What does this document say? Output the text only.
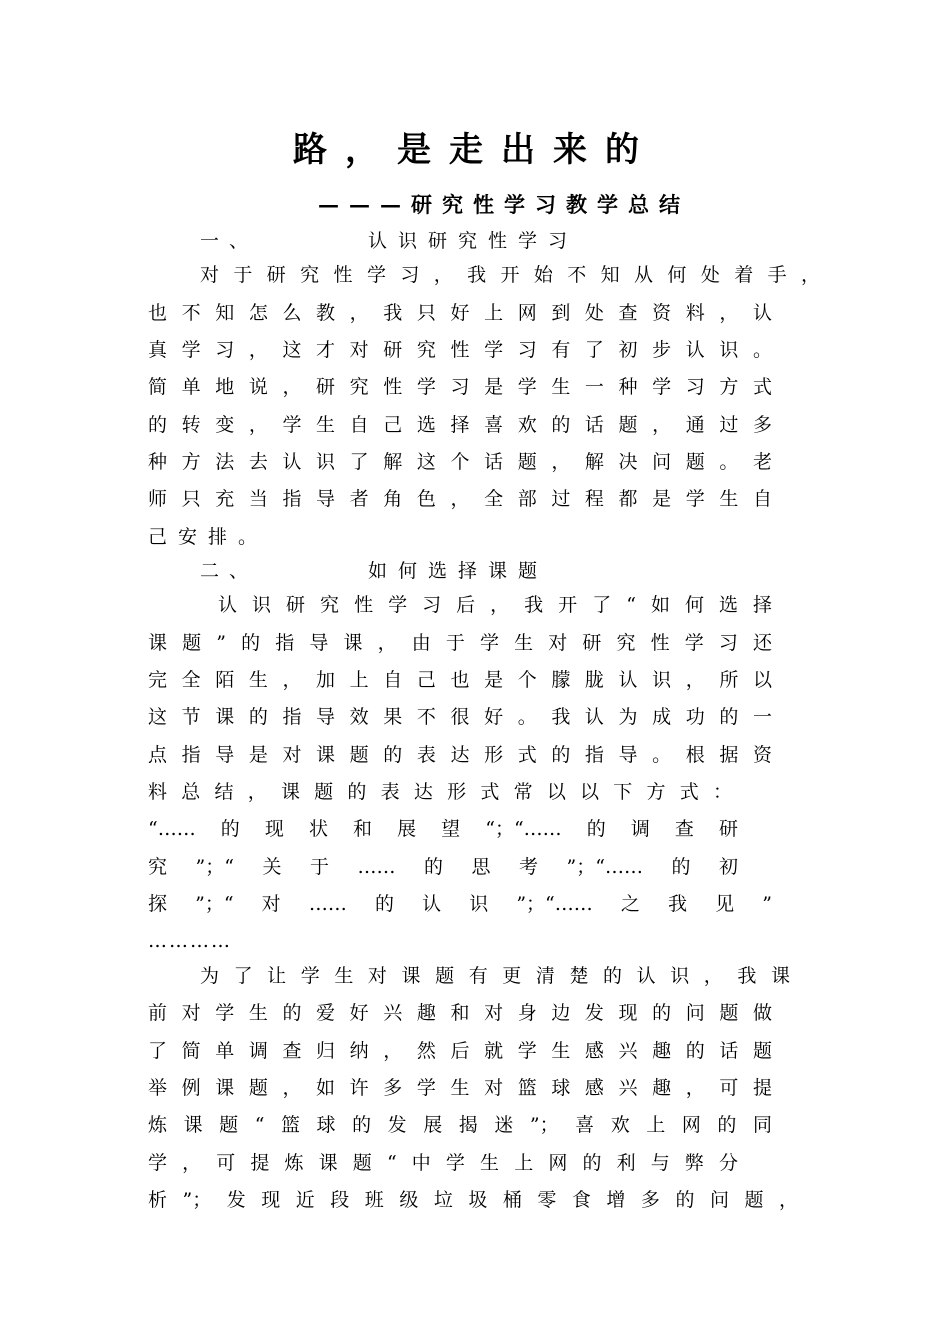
路，是走出来的
———研究性学习教学总结
一、	认识研究性学习
对于研究性学习，我开始不知从何处着手，
也不知怎么教，我只好上网到处查资料，认
真学习，这才对研究性学习有了初步认识。
简单地说，研究性学习是学生一种学习方式
的转变，学生自己选择喜欢的话题，通过多
种方法去认识了解这个话题，解决问题。老
师只充当指导者角色，全部过程都是学生自
己安排。
二、	如何选择课题
认识研究性学习后，我开了“如何选择
课题”的指导课，由于学生对研究性学习还
完全陌生，加上自己也是个朦胧认识，所以
这节课的指导效果不很好。我认为成功的一
点指导是对课题的表达形式的指导。根据资
料总结，课题的表达形式常以以下方式：
“……的现状和展望“；“……的调查研
究”；“关于……的思考”；“……的初
探”；“对……的认识”；“……之我见”
…………
为了让学生对课题有更清楚的认识，我课
前对学生的爱好兴趣和对身边发现的问题做
了简单调查归纳，然后就学生感兴趣的话题
举例课题，如许多学生对篮球感兴趣，可提
炼课题“篮球的发展揭迷”；喜欢上网的同
学，可提炼课题“中学生上网的利与弊分
析”；发现近段班级垃圾桶零食增多的问题，
